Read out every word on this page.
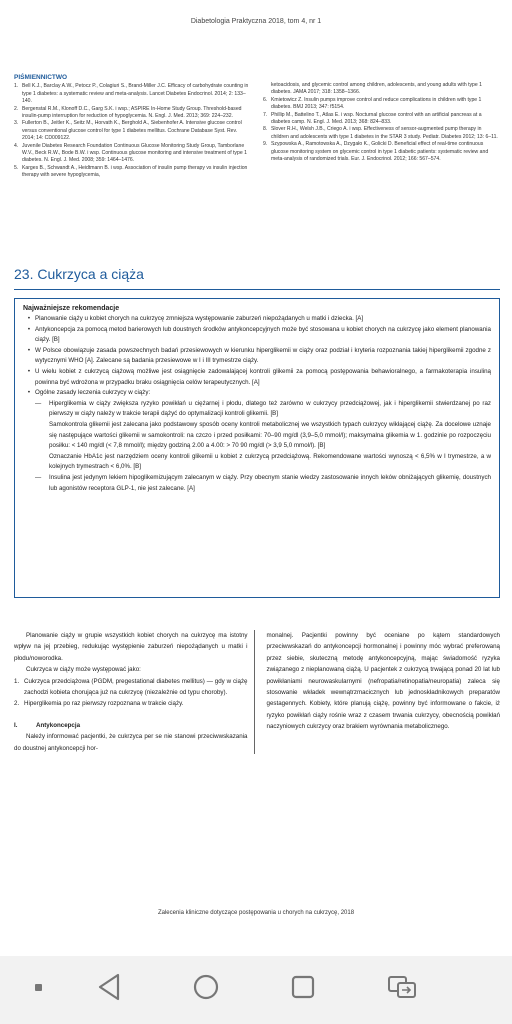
Diabetologia Praktyczna 2018, tom 4, nr 1
PIŚMIENNICTWO
1. Bell K.J., Barclay A.W., Petocz P., Colagiuri S., Brand-Miller J.C. Efficacy of carbohydrate counting in type 1 diabetes: a systematic review and meta-analysis. Lancet Diabetes Endocrinol. 2014; 2: 133–140.
2. Bergenstal R.M., Klonoff D.C., Garg S.K. i wsp.; ASPIRE In-Home Study Group. Threshold-based insulin-pump interruption for reduction of hypoglycemia. N. Engl. J. Med. 2013; 369: 224–232.
3. Fullerton B., Jeitler K., Seitz M., Horvath K., Berghold A., Siebenhofer A. Intensive glucose control versus conventional glucose control for type 1 diabetes mellitus. Cochrane Database Syst. Rev. 2014; 14: CD009122.
4. Juvenile Diabetes Research Foundation Continuous Glucose Monitoring Study Group, Tamborlane W.V., Beck R.W., Bode B.W. i wsp. Continuous glucose monitoring and intensive treatment of type 1 diabetes. N. Engl. J. Med. 2008; 359: 1464–1476.
5. Karges B., Schwandt A., Heidtmann B. i wsp. Association of insulin pump therapy vs insulin injection therapy with severe hypoglycemia,
ketoacidosis, and glycemic control among children, adolescents, and young adults with type 1 diabetes. JAMA 2017; 318: 1358–1366.
6. Kmietowicz Z. Insulin pumps improve control and reduce complications in children with type 1 diabetes. BMJ 2013; 347: f5154.
7. Phillip M., Battelino T., Atlas E. i wsp. Nocturnal glucose control with an artificial pancreas at a diabetes camp. N. Engl. J. Med. 2013; 368: 824–833.
8. Slover R.H., Welsh J.B., Criego A. i wsp. Effectiveness of sensor-augmented pump therapy in children and adolescents with type 1 diabetes in the STAR 3 study. Pediatr. Diabetes 2012; 13: 6–11.
9. Szypowska A., Ramotowska A., Dzygało K., Golicki D. Beneficial effect of real-time continuous glucose monitoring system on glycemic control in type 1 diabetic patients: systematic review and meta-analysis of randomized trials. Eur. J. Endocrinol. 2012; 166: 567–574.
23. Cukrzyca a ciąża
Najważniejsze rekomendacje
• Planowanie ciąży u kobiet chorych na cukrzycę zmniejsza występowanie zaburzeń niepożądanych u matki i dziecka. [A]
• Antykoncepcja za pomocą metod barierowych lub doustnych środków antykoncepcyjnych może być stosowana u kobiet chorych na cukrzycę jako element planowania ciąży. [B]
• W Polsce obowiązuje zasada powszechnych badań przesiewowych w kierunku hiperglikemii w ciąży oraz podział i kryteria rozpoznania takiej hiperglikemii zgodne z wytycznymi WHO [A]. Zalecane są badania przesiewowe w I i III trymestrze ciąży.
• U wielu kobiet z cukrzycą ciążową możliwe jest osiągnięcie zadowalającej kontroli glikemii za pomocą postępowania behawioralnego, a farmakoterapia insuliną powinna być wdrożona w przypadku braku osiągnięcia celów terapeutycznych. [A]
• Ogólne zasady leczenia cukrzycy w ciąży:
—	Hiperglikemia w ciąży zwiększa ryzyko powikłań u ciężarnej i płodu, dlatego też zarówno w cukrzycy przedciążowej, jak i hiperglikemii stwierdzanej po raz pierwszy w ciąży należy w trakcie terapii dążyć do optymalizacji kontroli glikemii. [B]
Samokontrola glikemii jest zalecana jako podstawowy sposób oceny kontroli metabolicznej we wszystkich typach cukrzycy wikłającej ciążę. Za docelowe uznaje się następujące wartości glikemii w samokontroli: na czczo i przed posiłkami: 70–90 mg/dl (3,9–5,0 mmol/l); maksymalna glikemia w 1. godzinie po rozpoczęciu posiłku: < 140 mg/dl (< 7,8 mmol/l); między godziną 2.00 a 4.00: > 70 90 mg/dl (> 3,9 5,0 mmol/l). [B]
Oznaczanie HbA1c jest narzędziem oceny kontroli glikemii u kobiet z cukrzycą przedciążową. Rekomendowane wartości wynoszą < 6,5% w I trymestrze, a w kolejnych trymestrach < 6,0%. [B]
—	Insulina jest jedynym lekiem hipoglikemizującym zalecanym w ciąży. Przy obecnym stanie wiedzy zastosowanie innych leków obniżających glikemię, doustnych lub agonistów receptora GLP-1, nie jest zalecane. [A]

Planowanie ciąży w grupie wszystkich kobiet chorych na cukrzycę ma istotny wpływ na jej przebieg, redukując występienie zaburzeń niepożądanych u matki i płodu/noworodka.

Cukrzyca w ciąży może występować jako:

1. Cukrzyca przedciążowa (PGDM, pregestational diabetes mellitus) — gdy w ciążę zachodzi kobieta chorująca już na cukrzycę (niezależnie od typu choroby).
2. Hiperglikemia po raz pierwszy rozpoznana w trakcie ciąży.
I.	Antykoncepcja

Należy informować pacjentki, że cukrzyca per se nie stanowi przeciwwskazania do doustnej antykoncepcji hor-

monalnej. Pacjentki powinny być oceniane po kątem standardowych przeciwwskazań do antykoncepcji hormonalnej i powinny móc wybrać preferowaną przez siebie, skuteczną metodę antykoncepcyjną, mając świadomość ryzyka związanego z nieplanowaną ciążą. U pacjentek z cukrzycą trwającą ponad 20 lat lub powikłaniami neurowaskularnymi (nefropatia/retinopatia/neuropatia) zaleca się stosowanie wkładek wewnątrzmacicznych lub jednoskładnikowych preparatów gestagennych. Kobiety, które planują ciążę, powinny być informowane o fakcie, iż ryzyko powikłań ciąży rośnie wraz z czasem trwania cukrzycy, obecnością powikłań naczyniowych cukrzycy oraz brakiem wyrównania metabolicznego.

Zalecenia kliniczne dotyczące postępowania u chorych na cukrzycę, 2018
